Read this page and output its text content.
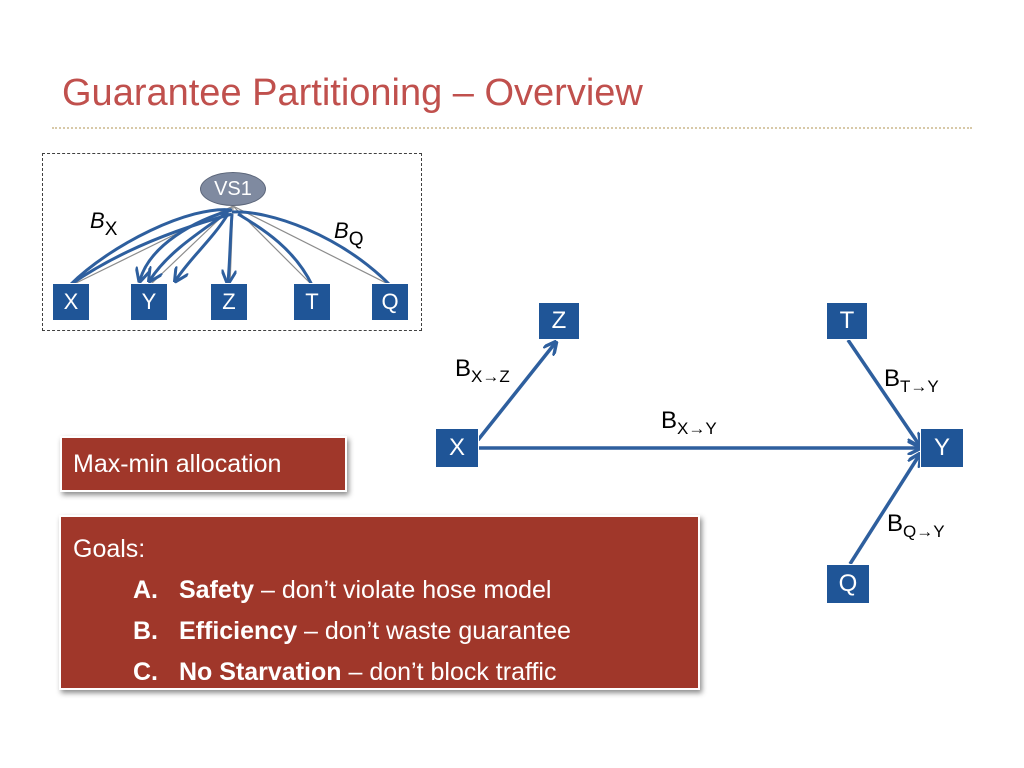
Guarantee Partitioning – Overview
VS1
X	Y	Z	T	Q
$B_X$	$B_Q$
Z	T
X	Y
Q
$B_{X\to Z}$
$B_{X\to Y}$
$B_{T\to Y}$
$B_{Q\to Y}$
Max-min allocation
Goals:
A. Safety – don’t violate hose model
B. Efficiency – don’t waste guarantee
C. No Starvation – don’t block traffic
